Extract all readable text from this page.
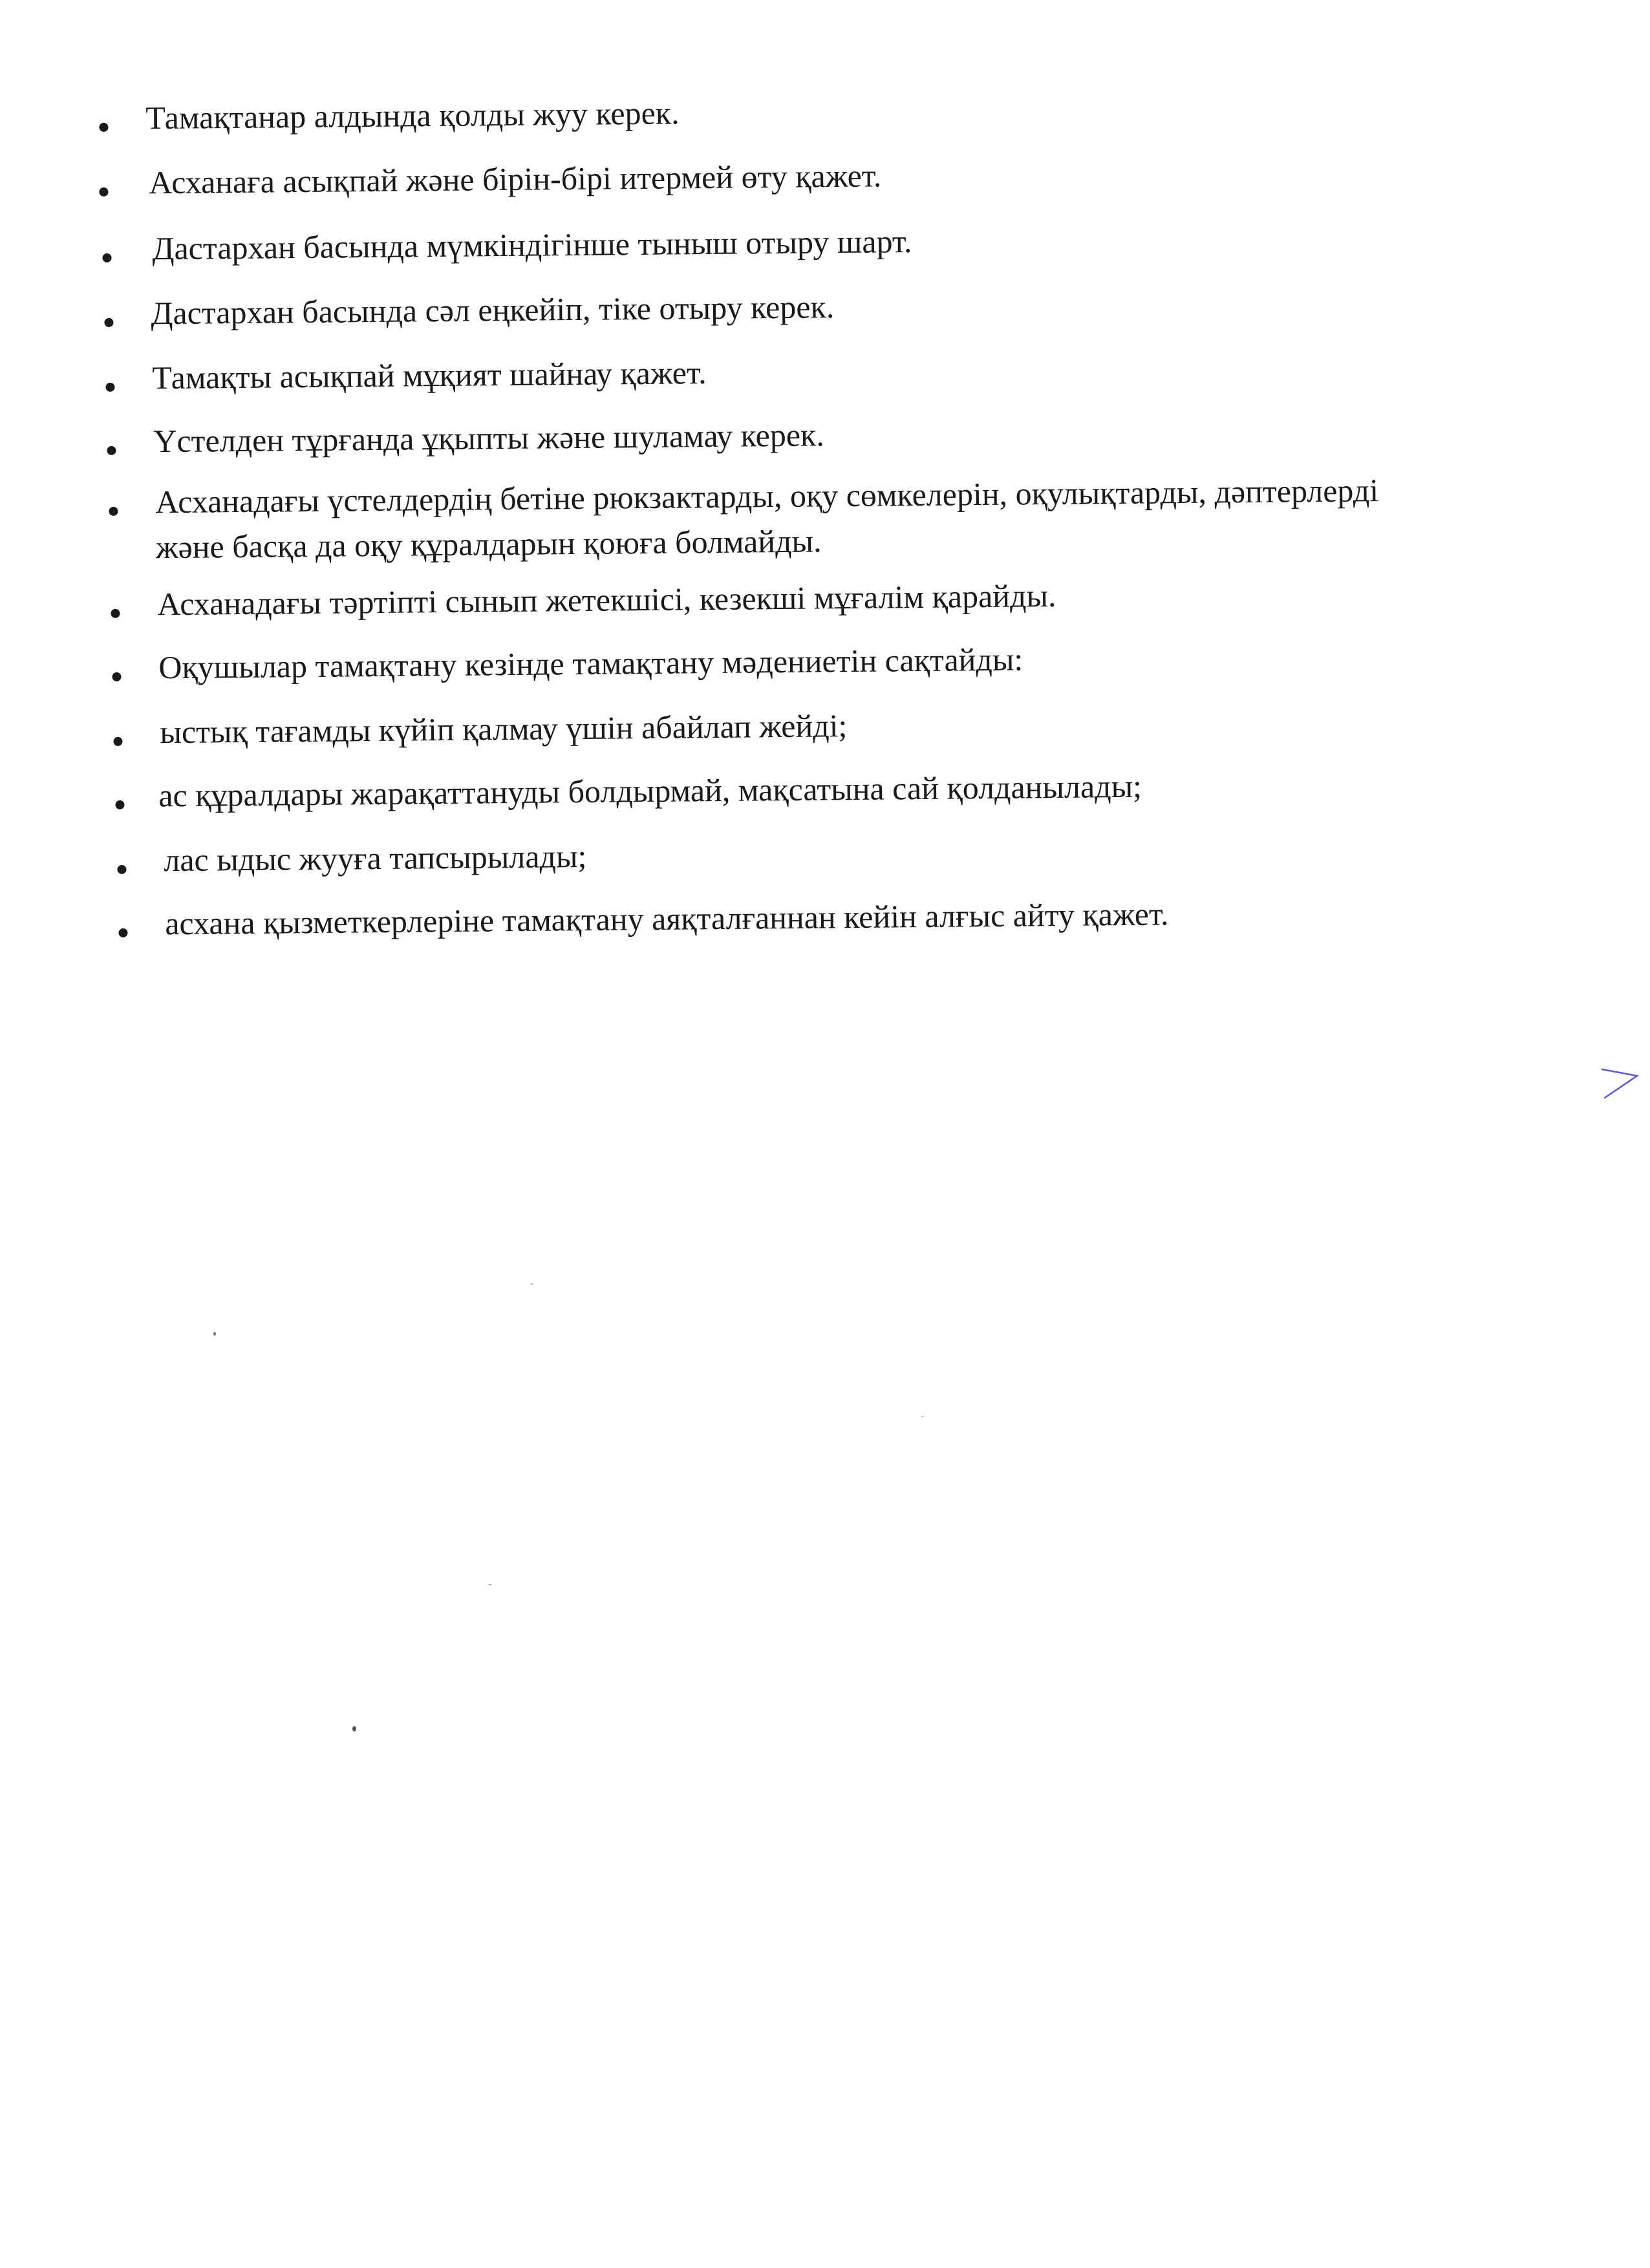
Тамақтанар алдында қолды жуу керек.
Асханаға асықпай және бірін-бірі итермей өту қажет.
Дастархан басында мүмкіндігінше тыныш отыру шарт.
Дастархан басында сәл еңкейіп, тіке отыру керек.
Тамақты асықпай мұқият шайнау қажет.
Үстелден тұрғанда ұқыпты және шуламау керек.
Асханадағы үстелдердің бетіне рюкзактарды, оқу сөмкелерін, оқулықтарды, дәптерлерді және басқа да оқу құралдарын қоюға болмайды.
Асханадағы тәртіпті сынып жетекшісі, кезекші мұғалім қарайды.
Оқушылар тамақтану кезінде тамақтану мәдениетін сақтайды:
ыстық тағамды күйіп қалмау үшін абайлап жейді;
ас құралдары жарақаттануды болдырмай, мақсатына сай қолданылады;
лас ыдыс жууға тапсырылады;
асхана қызметкерлеріне тамақтану аяқталғаннан кейін алғыс айту қажет.
